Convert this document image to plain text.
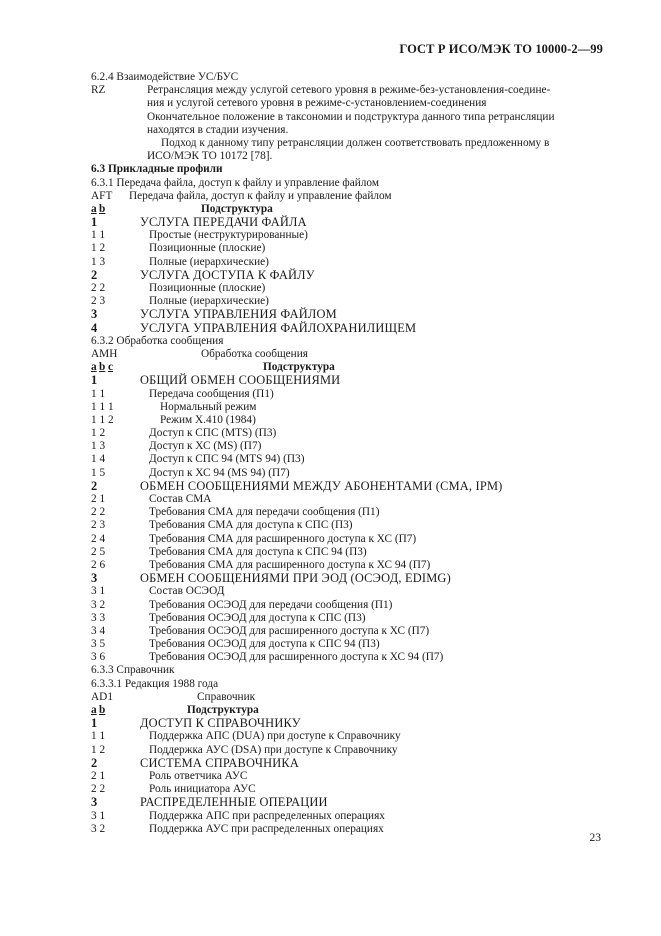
ГОСТ Р ИСО/МЭК ТО 10000-2—99
6.2.4 Взаимодействие УС/БУС
RZ	Ретрансляция между услугой сетевого уровня в режиме-без-установления-соедине-
ния и услугой сетевого уровня в режиме-с-установлением-соединения
Окончательное положение в таксономии и подструктура данного типа ретрансляции
находятся в стадии изучения.
Подход к данному типу ретрансляции должен соответствовать предложенному в
ИСО/МЭК ТО 10172 [78].
6.3 Прикладные профили
6.3.1 Передача файла, доступ к файлу и управление файлом
AFT Передача файла, доступ к файлу и управление файлом
a b	Подструктура
1	УСЛУГА ПЕРЕДАЧИ ФАЙЛА
1 1	Простые (неструктурированные)
1 2	Позиционные (плоские)
1 3	Полные (иерархические)
2	УСЛУГА ДОСТУПА К ФАЙЛУ
2 2	Позиционные (плоские)
2 3	Полные (иерархические)
3	УСЛУГА УПРАВЛЕНИЯ ФАЙЛОМ
4	УСЛУГА УПРАВЛЕНИЯ ФАЙЛОХРАНИЛИЩЕМ
6.3.2 Обработка сообщения
AMH	Обработка сообщения
a b c	Подструктура
1	ОБЩИЙ ОБМЕН СООБЩЕНИЯМИ
1 1	Передача сообщения (П1)
1 1 1	Нормальный режим
1 1 2	Режим X.410 (1984)
1 2	Доступ к СПС (MTS) (П3)
1 3	Доступ к ХС (MS) (П7)
1 4	Доступ к СПС 94 (MTS 94) (П3)
1 5	Доступ к ХС 94 (MS 94) (П7)
2	ОБМЕН СООБЩЕНИЯМИ МЕЖДУ АБОНЕНТАМИ (СМА, IPM)
2 1	Состав СМА
2 2	Требования СМА для передачи сообщения (П1)
2 3	Требования СМА для доступа к СПС (П3)
2 4	Требования СМА для расширенного доступа к ХС (П7)
2 5	Требования СМА для доступа к СПС 94 (П3)
2 6	Требования СМА для расширенного доступа к ХС 94 (П7)
3	ОБМЕН СООБЩЕНИЯМИ ПРИ ЭОД (ОСЭОД, EDIMG)
3 1	Состав ОСЭОД
3 2	Требования ОСЭОД для передачи сообщения (П1)
3 3	Требования ОСЭОД для доступа к СПС (П3)
3 4	Требования ОСЭОД для расширенного доступа к ХС (П7)
3 5	Требования ОСЭОД для доступа к СПС 94 (П3)
3 6	Требования ОСЭОД для расширенного доступа к ХС 94 (П7)
6.3.3 Справочник
6.3.3.1 Редакция 1988 года
AD1	Справочник
a b	Подструктура
1	ДОСТУП К СПРАВОЧНИКУ
1 1	Поддержка АПС (DUA) при доступе к Справочнику
1 2	Поддержка АУС (DSA) при доступе к Справочнику
2	СИСТЕМА СПРАВОЧНИКА
2 1	Роль ответчика АУС
2 2	Роль инициатора АУС
3	РАСПРЕДЕЛЕННЫЕ ОПЕРАЦИИ
3 1	Поддержка АПС при распределенных операциях
3 2	Поддержка АУС при распределенных операциях
23
